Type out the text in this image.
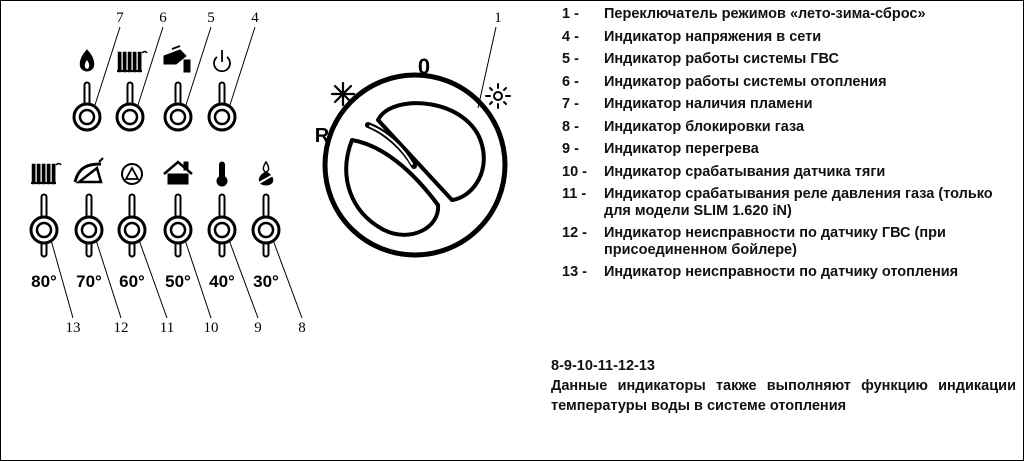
0
R
1
7 6	5 4
13 12 11 10 9 8
80° 70° 60° 50° 40° 30°
1 -	Переключатель режимов «лето-зима-сброс»
4 -	Индикатор напряжения в сети
5 -	Индикатор работы системы ГВС
6 -	Индикатор работы системы отопления
7 -	Индикатор наличия пламени
8 -	Индикатор блокировки газа
9 -	Индикатор перегрева
10 -	Индикатор срабатывания датчика тяги
11 -	Индикатор срабатывания реле давления газа (только для модели SLIM 1.620 iN)
12 -	Индикатор неисправности по датчику ГВС (при присоединенном бойлере)
13 -	Индикатор неисправности по датчику отопления
8-9-10-11-12-13
Данные индикаторы также выполняют функцию индикации температуры воды в системе отопления
